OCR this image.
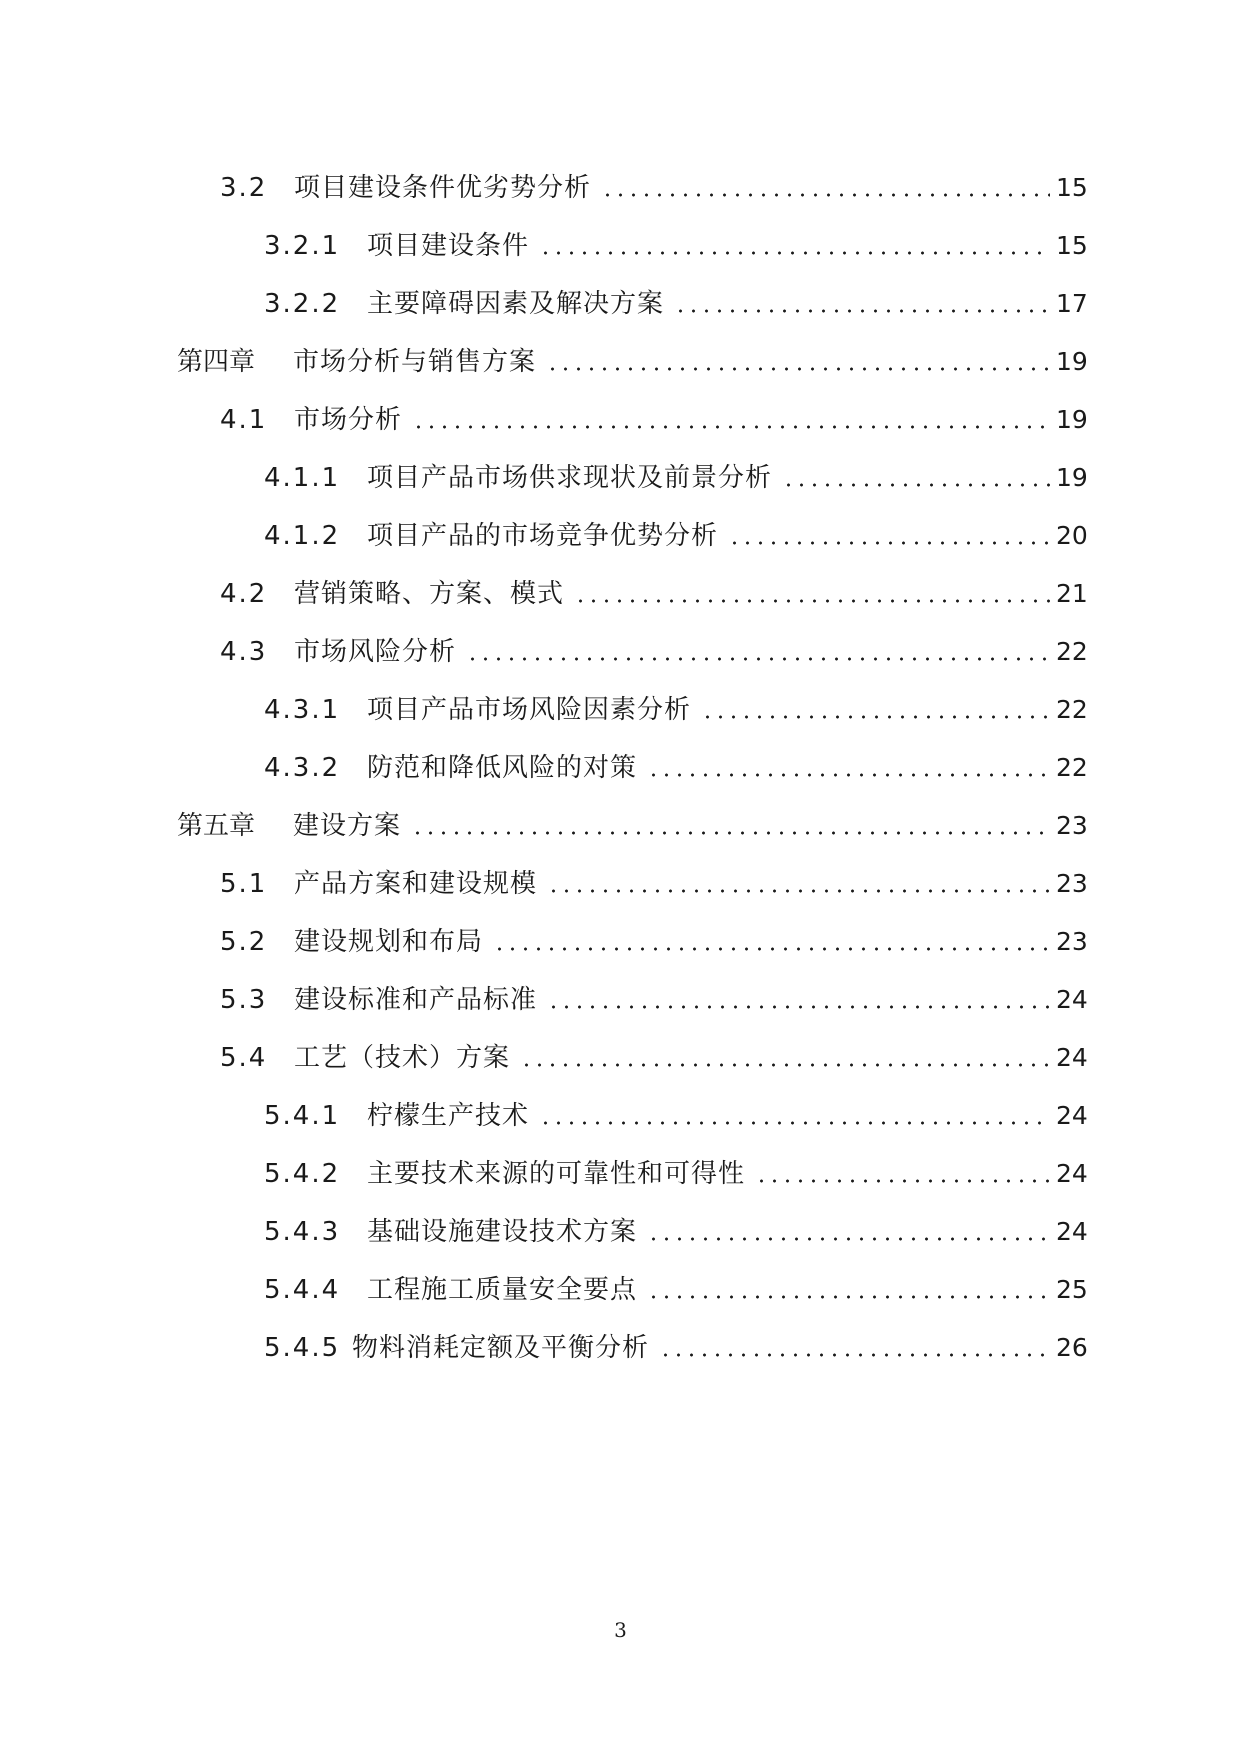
3.2	项目建设条件优劣势分析	15
3.2.1	项目建设条件	15
3.2.2	主要障碍因素及解决方案	17
第四章	市场分析与销售方案	19
4.1	市场分析	19
4.1.1	项目产品市场供求现状及前景分析	19
4.1.2	项目产品的市场竞争优势分析	20
4.2	营销策略、方案、模式	21
4.3	市场风险分析	22
4.3.1	项目产品市场风险因素分析	22
4.3.2	防范和降低风险的对策	22
第五章	建设方案	23
5.1	产品方案和建设规模	23
5.2	建设规划和布局	23
5.3	建设标准和产品标准	24
5.4	工艺（技术）方案	24
5.4.1	柠檬生产技术	24
5.4.2	主要技术来源的可靠性和可得性	24
5.4.3	基础设施建设技术方案	24
5.4.4	工程施工质量安全要点	25
5.4.5 物料消耗定额及平衡分析	26
3
